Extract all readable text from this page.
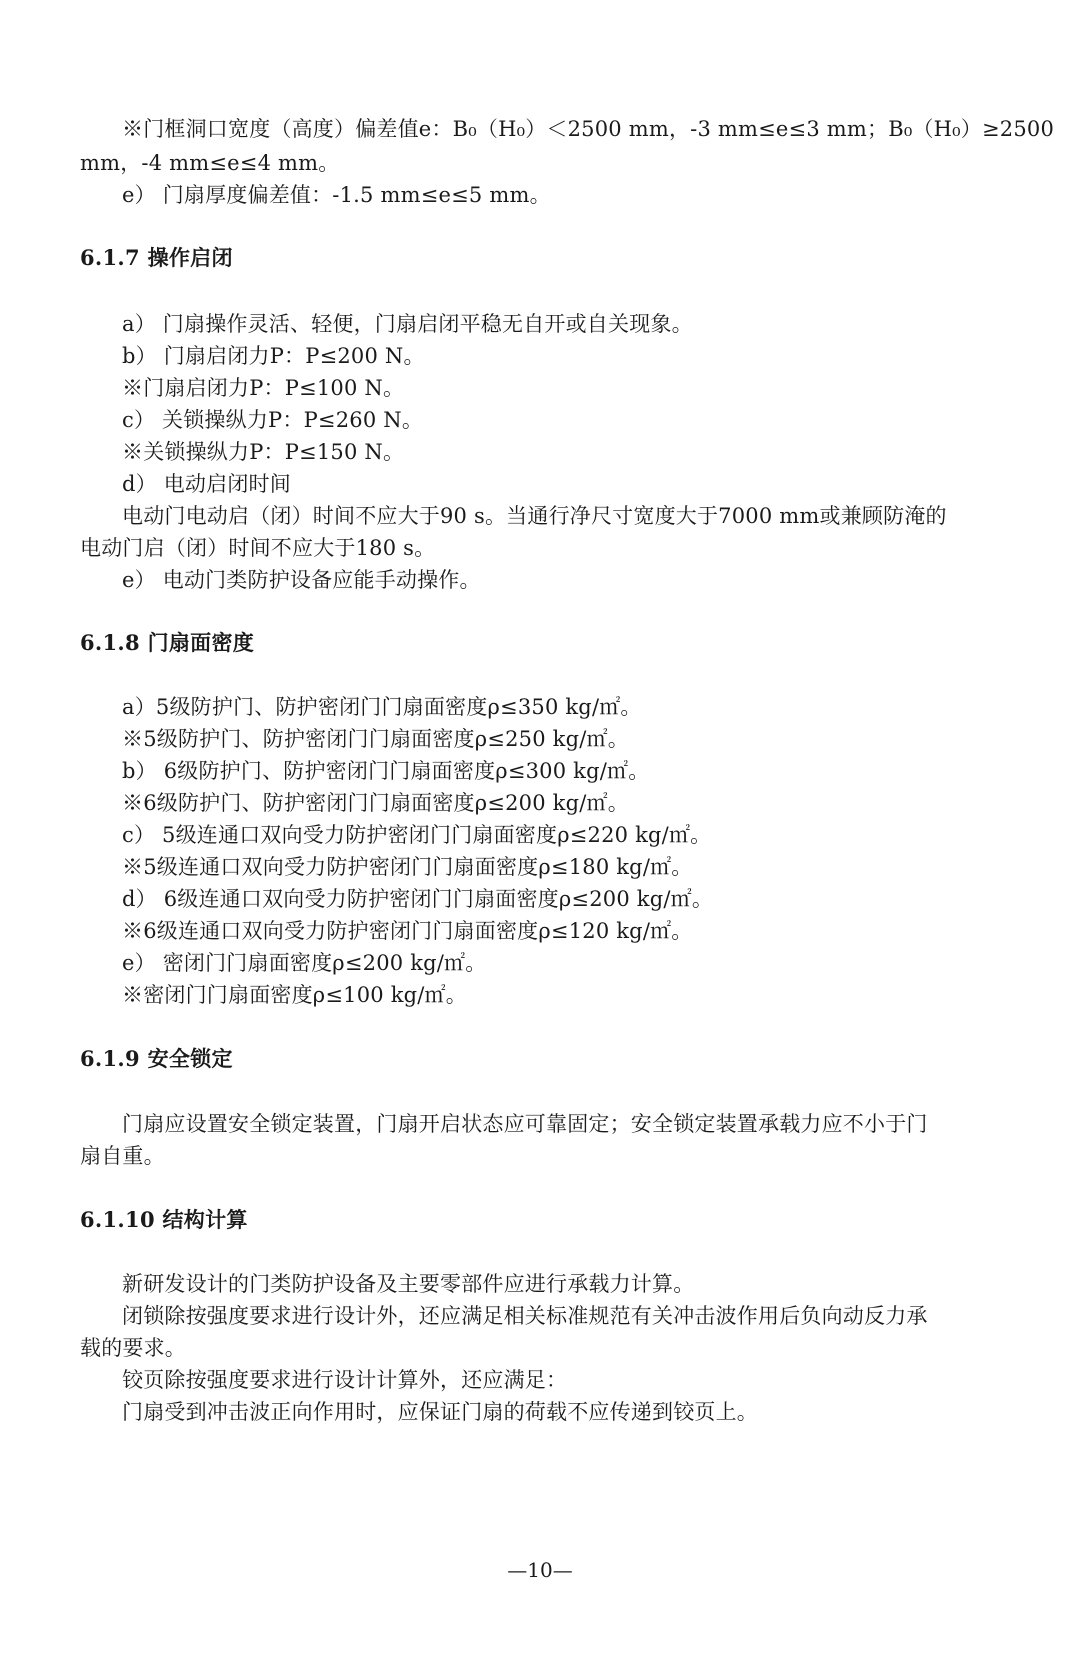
※门框洞口宽度（高度）偏差值e：B₀（H₀）＜2500 mm，-3 mm≤e≤3 mm；B₀（H₀）≥2500
mm，-4 mm≤e≤4 mm。
e） 门扇厚度偏差值：-1.5 mm≤e≤5 mm。
6.1.7 操作启闭
a） 门扇操作灵活、轻便，门扇启闭平稳无自开或自关现象。
b） 门扇启闭力P：P≤200 N。
※门扇启闭力P：P≤100 N。
c） 关锁操纵力P：P≤260 N。
※关锁操纵力P：P≤150 N。
d） 电动启闭时间
电动门电动启（闭）时间不应大于90 s。当通行净尺寸宽度大于7000 mm或兼顾防淹的
电动门启（闭）时间不应大于180 s。
e） 电动门类防护设备应能手动操作。
6.1.8 门扇面密度
a）5级防护门、防护密闭门门扇面密度ρ≤350 kg/㎡。
※5级防护门、防护密闭门门扇面密度ρ≤250 kg/㎡。
b） 6级防护门、防护密闭门门扇面密度ρ≤300 kg/㎡。
※6级防护门、防护密闭门门扇面密度ρ≤200 kg/㎡。
c） 5级连通口双向受力防护密闭门门扇面密度ρ≤220 kg/㎡。
※5级连通口双向受力防护密闭门门扇面密度ρ≤180 kg/㎡。
d） 6级连通口双向受力防护密闭门门扇面密度ρ≤200 kg/㎡。
※6级连通口双向受力防护密闭门门扇面密度ρ≤120 kg/㎡。
e） 密闭门门扇面密度ρ≤200 kg/㎡。
※密闭门门扇面密度ρ≤100 kg/㎡。
6.1.9 安全锁定
门扇应设置安全锁定装置，门扇开启状态应可靠固定；安全锁定装置承载力应不小于门
扇自重。
6.1.10 结构计算
新研发设计的门类防护设备及主要零部件应进行承载力计算。
闭锁除按强度要求进行设计外，还应满足相关标准规范有关冲击波作用后负向动反力承
载的要求。
铰页除按强度要求进行设计计算外，还应满足：
门扇受到冲击波正向作用时，应保证门扇的荷载不应传递到铰页上。
—10—
